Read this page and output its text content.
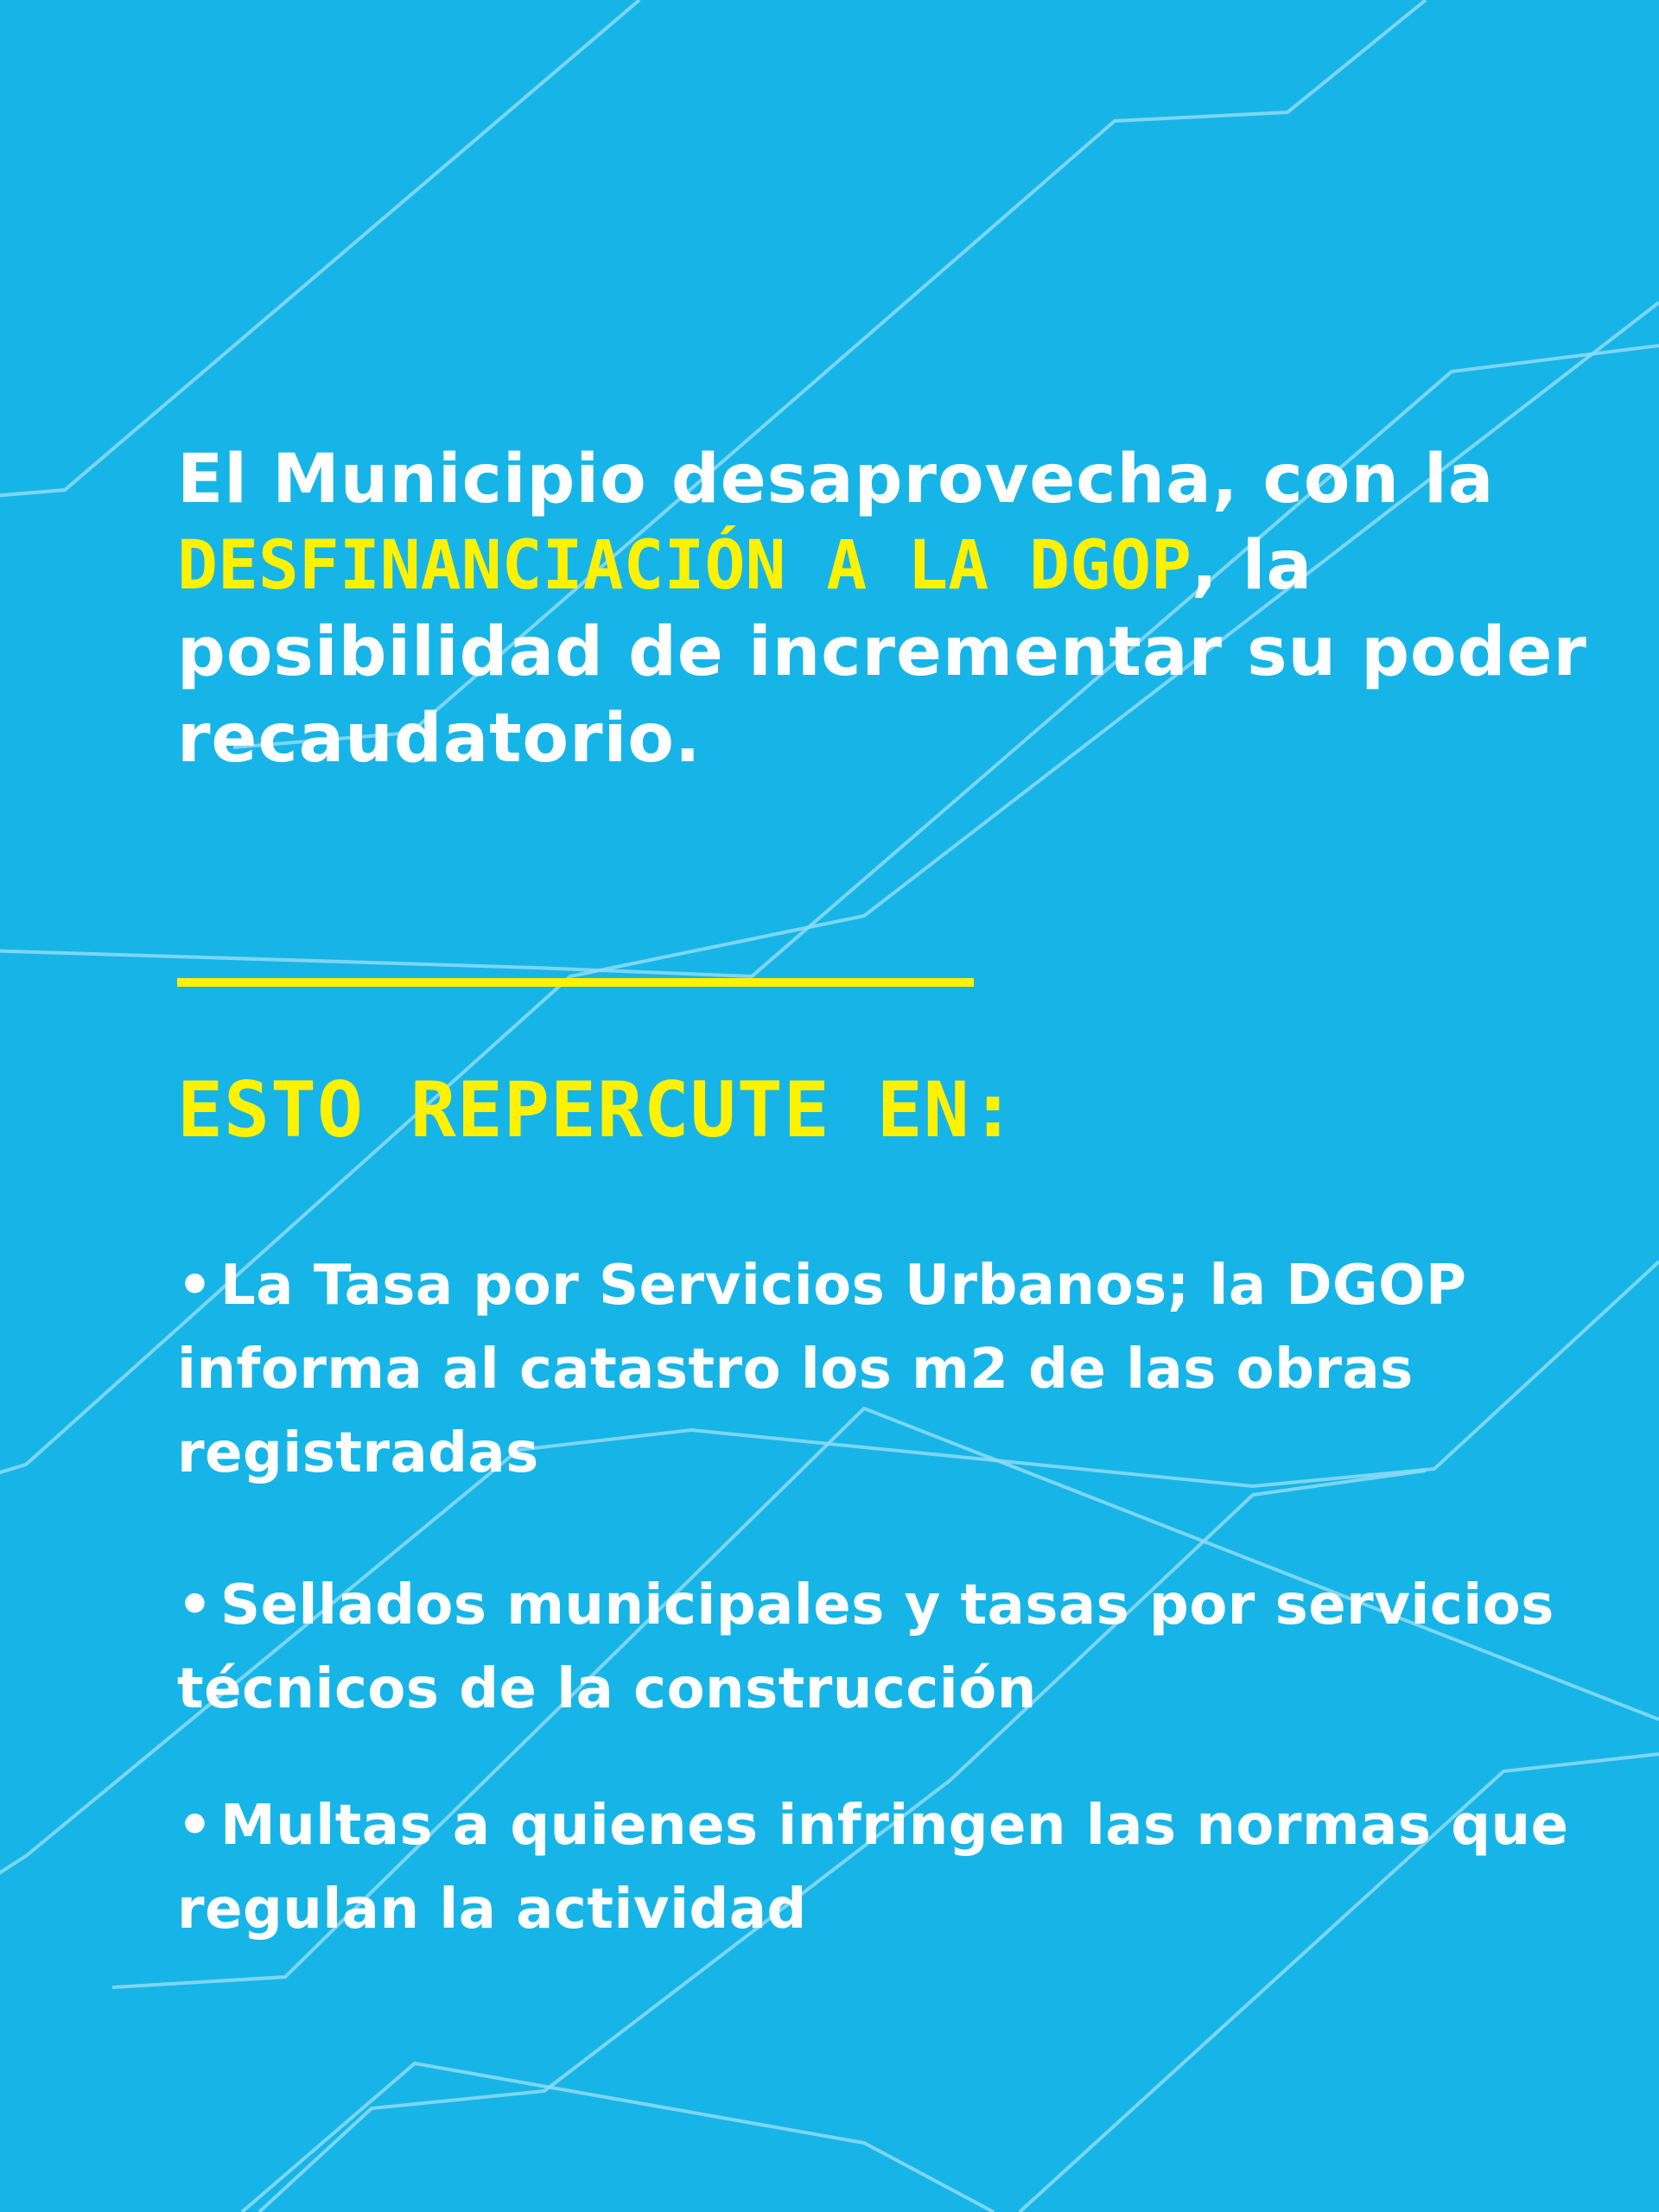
El Municipio desaprovecha, con la DESFINANCIACIÓN A LA DGOP, la posibilidad de incrementar su poder recaudatorio.

ESTO REPERCUTE EN:
• La Tasa por Servicios Urbanos; la DGOP informa al catastro los m2 de las obras registradas
• Sellados municipales y tasas por servicios técnicos de la construcción
• Multas a quienes infringen las normas que regulan la actividad
